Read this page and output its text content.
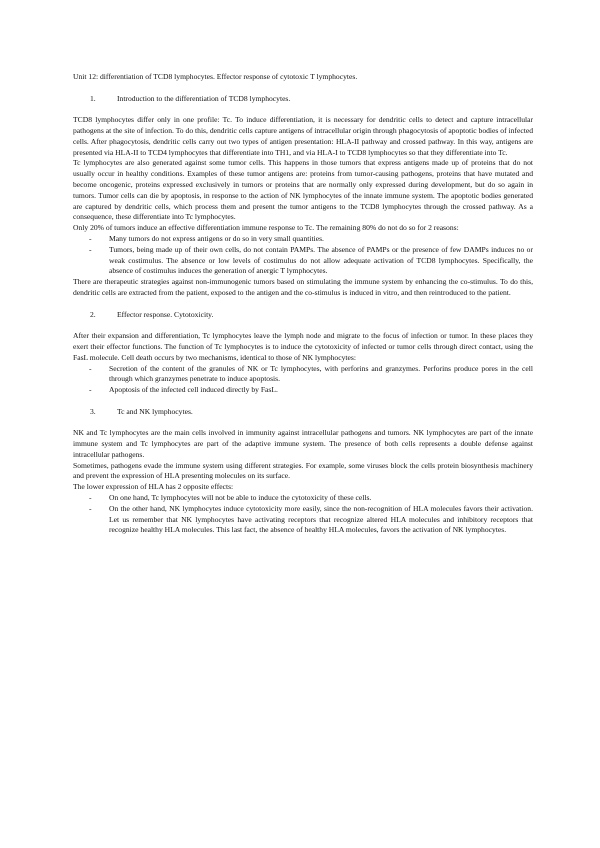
Unit 12: differentiation of TCD8 lymphocytes. Effector response of cytotoxic T lymphocytes.

1.	Introduction to the differentiation of TCD8 lymphocytes.

TCD8 lymphocytes differ only in one profile: Tc. To induce differentiation, it is necessary for dendritic cells to detect and capture intracellular pathogens at the site of infection. To do this, dendritic cells capture antigens of intracellular origin through phagocytosis of apoptotic bodies of infected cells. After phagocytosis, dendritic cells carry out two types of antigen presentation: HLA-II pathway and crossed pathway. In this way, antigens are presented via HLA-II to TCD4 lymphocytes that differentiate into TH1, and via HLA-I to TCD8 lymphocytes so that they differentiate into Tc.

Tc lymphocytes are also generated against some tumor cells. This happens in those tumors that express antigens made up of proteins that do not usually occur in healthy conditions. Examples of these tumor antigens are: proteins from tumor-causing pathogens, proteins that have mutated and become oncogenic, proteins expressed exclusively in tumors or proteins that are normally only expressed during development, but do so again in tumors. Tumor cells can die by apoptosis, in response to the action of NK lymphocytes of the innate immune system. The apoptotic bodies generated are captured by dendritic cells, which process them and present the tumor antigens to the TCD8 lymphocytes through the crossed pathway. As a consequence, these differentiate into Tc lymphocytes.

Only 20% of tumors induce an effective differentiation immune response to Tc. The remaining 80% do not do so for 2 reasons:

- Many tumors do not express antigens or do so in very small quantities.
- Tumors, being made up of their own cells, do not contain PAMPs. The absence of PAMPs or the presence of few DAMPs induces no or weak costimulus. The absence or low levels of costimulus do not allow adequate activation of TCD8 lymphocytes. Specifically, the absence of costimulus induces the generation of anergic T lymphocytes.

There are therapeutic strategies against non-immunogenic tumors based on stimulating the immune system by enhancing the co-stimulus. To do this, dendritic cells are extracted from the patient, exposed to the antigen and the co-stimulus is induced in vitro, and then reintroduced to the patient.

2.	Effector response. Cytotoxicity.

After their expansion and differentiation, Tc lymphocytes leave the lymph node and migrate to the focus of infection or tumor. In these places they exert their effector functions. The function of Tc lymphocytes is to induce the cytotoxicity of infected or tumor cells through direct contact, using the FasL molecule. Cell death occurs by two mechanisms, identical to those of NK lymphocytes:

- Secretion of the content of the granules of NK or Tc lymphocytes, with perforins and granzymes. Perforins produce pores in the cell through which granzymes penetrate to induce apoptosis.
- Apoptosis of the infected cell induced directly by FasL.

3.	Tc and NK lymphocytes.

NK and Tc lymphocytes are the main cells involved in immunity against intracellular pathogens and tumors. NK lymphocytes are part of the innate immune system and Tc lymphocytes are part of the adaptive immune system. The presence of both cells represents a double defense against intracellular pathogens.

Sometimes, pathogens evade the immune system using different strategies. For example, some viruses block the cells protein biosynthesis machinery and prevent the expression of HLA presenting molecules on its surface.

The lower expression of HLA has 2 opposite effects:

- On one hand, Tc lymphocytes will not be able to induce the cytotoxicity of these cells.
- On the other hand, NK lymphocytes induce cytotoxicity more easily, since the non-recognition of HLA molecules favors their activation. Let us remember that NK lymphocytes have activating receptors that recognize altered HLA molecules and inhibitory receptors that recognize healthy HLA molecules. This last fact, the absence of healthy HLA molecules, favors the activation of NK lymphocytes.
